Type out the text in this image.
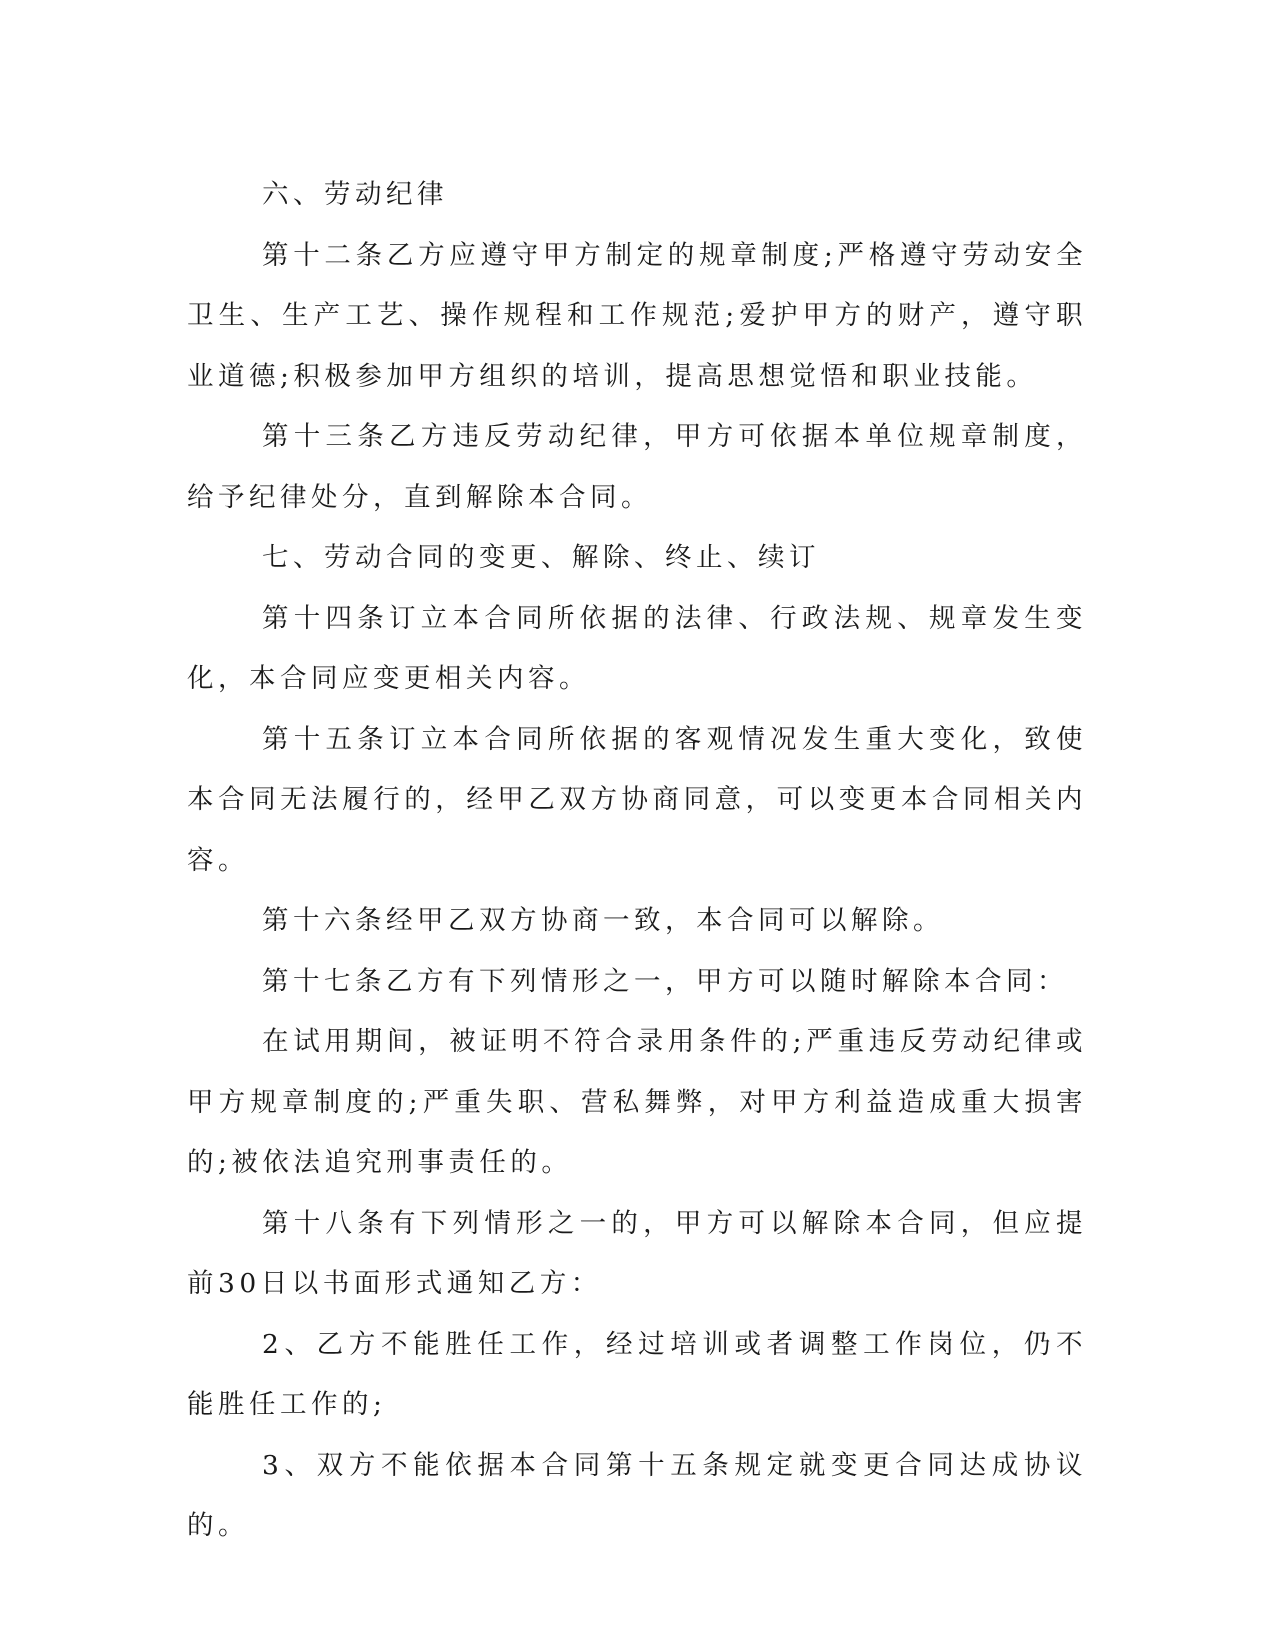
六、劳动纪律

第十二条乙方应遵守甲方制定的规章制度;严格遵守劳动安全卫生、生产工艺、操作规程和工作规范;爱护甲方的财产，遵守职业道德;积极参加甲方组织的培训，提高思想觉悟和职业技能。

第十三条乙方违反劳动纪律，甲方可依据本单位规章制度，给予纪律处分，直到解除本合同。

七、劳动合同的变更、解除、终止、续订

第十四条订立本合同所依据的法律、行政法规、规章发生变化，本合同应变更相关内容。

第十五条订立本合同所依据的客观情况发生重大变化，致使本合同无法履行的，经甲乙双方协商同意，可以变更本合同相关内容。

第十六条经甲乙双方协商一致，本合同可以解除。

第十七条乙方有下列情形之一，甲方可以随时解除本合同：

在试用期间，被证明不符合录用条件的;严重违反劳动纪律或甲方规章制度的;严重失职、营私舞弊，对甲方利益造成重大损害的;被依法追究刑事责任的。

第十八条有下列情形之一的，甲方可以解除本合同，但应提前30日以书面形式通知乙方：

2、乙方不能胜任工作，经过培训或者调整工作岗位，仍不能胜任工作的;

3、双方不能依据本合同第十五条规定就变更合同达成协议的。
